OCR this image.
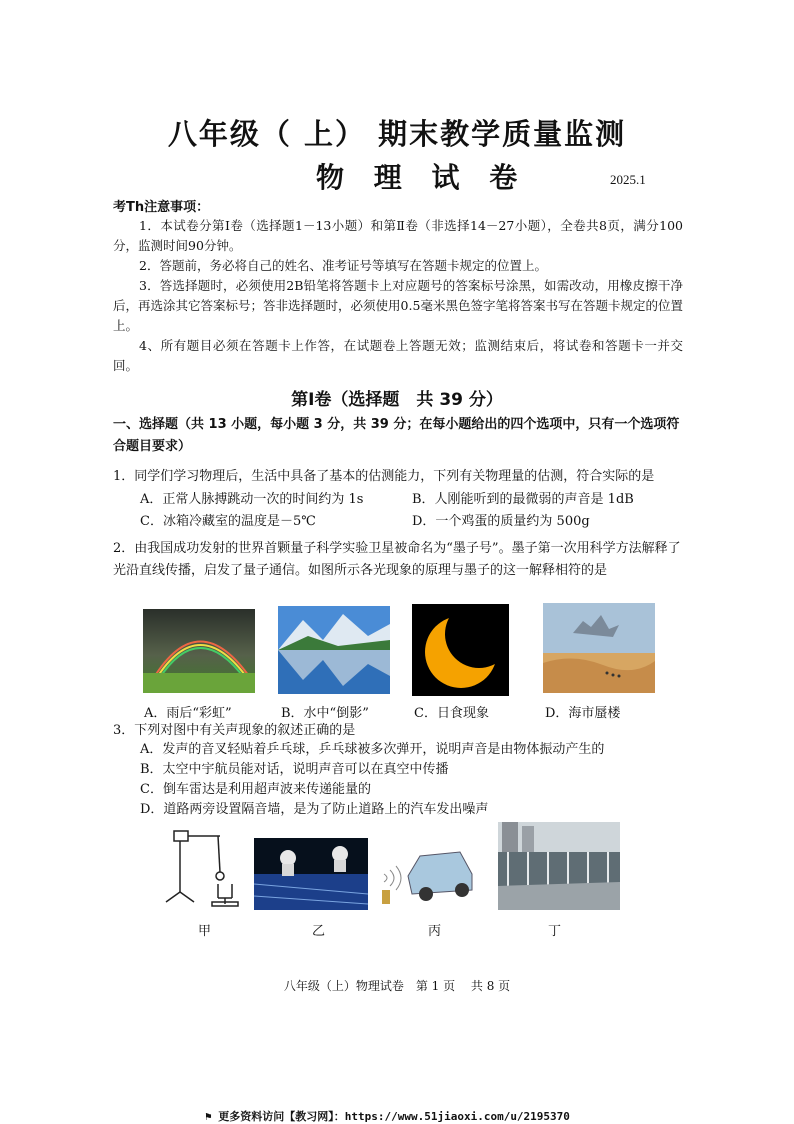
八年级（ 上） 期末教学质量监测
物 理 试 卷	2025.1
考Th注意事项：
1．本试卷分第Ⅰ卷（选择题1－13小题）和第Ⅱ卷（非选择14－27小题），全卷共8页，满分100分，监测时间90分钟。
2．答题前，务必将自己的姓名、准考证号等填写在答题卡规定的位置上。
3．答选择题时，必须使用2B铅笔将答题卡上对应题号的答案标号涂黑，如需改动，用橡皮擦干净后，再选涂其它答案标号；答非选择题时，必须使用0.5毫米黑色签字笔将答案书写在答题卡规定的位置上。
4、所有题目必须在答题卡上作答，在试题卷上答题无效；监测结束后，将试卷和答题卡一并交回。
第Ⅰ卷（选择题　共 39 分）
一、选择题（共 13 小题，每小题 3 分，共 39 分；在每小题给出的四个选项中，只有一个选项符合题目要求）
1．同学们学习物理后，生活中具备了基本的估测能力，下列有关物理量的估测，符合实际的是
A．正常人脉搏跳动一次的时间约为 1s	B．人刚能听到的最微弱的声音是 1dB
C．冰箱冷藏室的温度是－5℃	D．一个鸡蛋的质量约为 500g
2．由我国成功发射的世界首颗量子科学实验卫星被命名为“墨子号”。墨子第一次用科学方法解释了光沿直线传播，启发了量子通信。如图所示各光现象的原理与墨子的这一解释相符的是
A．雨后“彩虹”	B．水中“倒影”	C．日食现象	D．海市蜃楼
3．下列对图中有关声现象的叙述正确的是
A．发声的音叉轻贴着乒乓球，乒乓球被多次弹开，说明声音是由物体振动产生的
B．太空中宇航员能对话，说明声音可以在真空中传播
C．倒车雷达是利用超声波来传递能量的
D．道路两旁设置隔音墙，是为了防止道路上的汽车发出噪声
甲	乙	丙	丁
八年级（上）物理试卷　第 1 页　 共 8 页
⚑ 更多资料访问【教习网】：https://www.51jiaoxi.com/u/2195370
